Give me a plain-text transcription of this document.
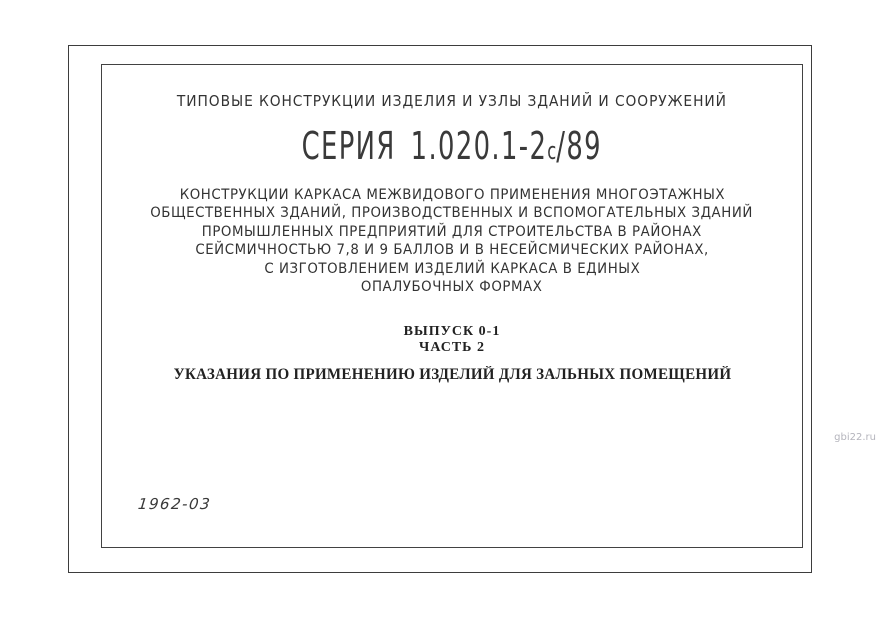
ТИПОВЫЕ КОНСТРУКЦИИ ИЗДЕЛИЯ И УЗЛЫ ЗДАНИЙ И СООРУЖЕНИЙ
СЕРИЯ 1.020.1-2с/89
КОНСТРУКЦИИ КАРКАСА МЕЖВИДОВОГО ПРИМЕНЕНИЯ МНОГОЭТАЖНЫХ
ОБЩЕСТВЕННЫХ ЗДАНИЙ, ПРОИЗВОДСТВЕННЫХ И ВСПОМОГАТЕЛЬНЫХ ЗДАНИЙ
ПРОМЫШЛЕННЫХ ПРЕДПРИЯТИЙ ДЛЯ СТРОИТЕЛЬСТВА В РАЙОНАХ
СЕЙСМИЧНОСТЬЮ 7,8 И 9 БАЛЛОВ И В НЕСЕЙСМИЧЕСКИХ РАЙОНАХ,
С ИЗГОТОВЛЕНИЕМ ИЗДЕЛИЙ КАРКАСА В ЕДИНЫХ
ОПАЛУБОЧНЫХ ФОРМАХ
ВЫПУСК 0-1
ЧАСТЬ 2
УКАЗАНИЯ ПО ПРИМЕНЕНИЮ ИЗДЕЛИЙ ДЛЯ ЗАЛЬНЫХ ПОМЕЩЕНИЙ
1962-03
gbi22.ru
